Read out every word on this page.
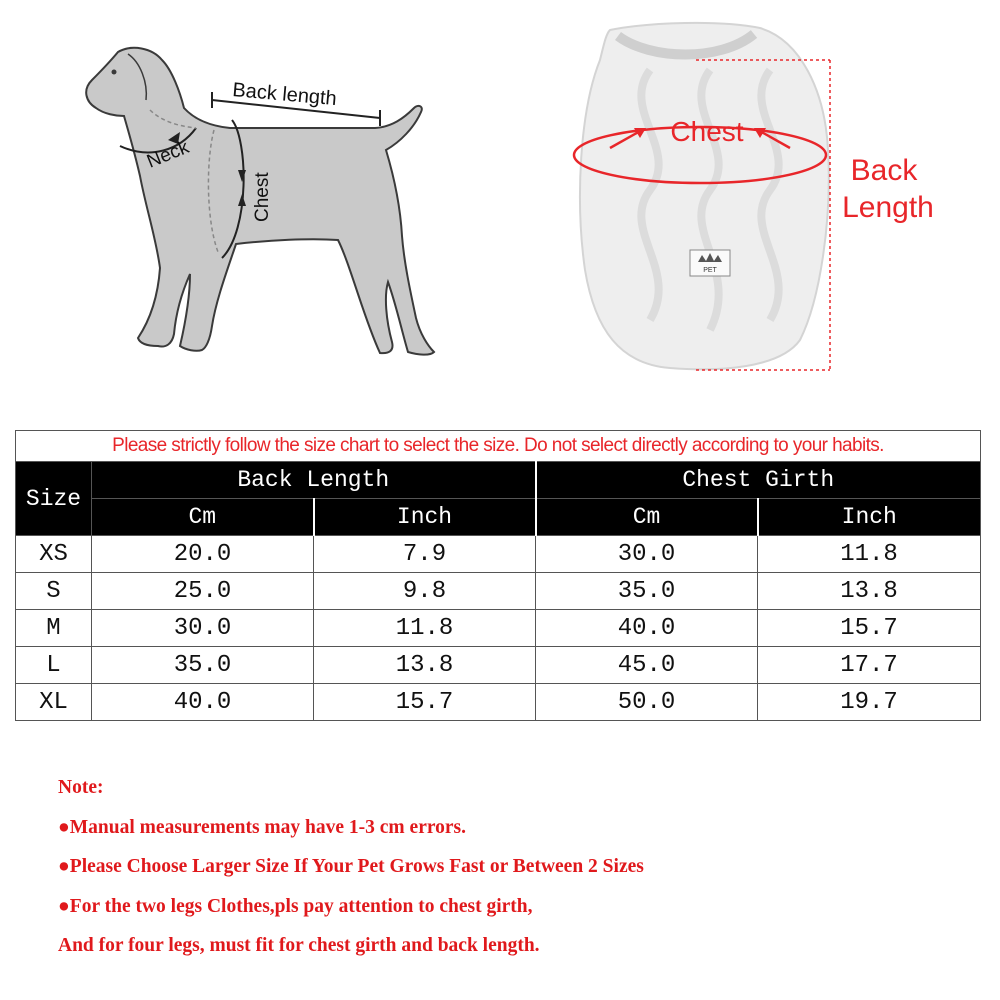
Back length
Neck
Chest
PET
Chest
Back
Length
Please strictly follow the size chart to select the size. Do not select directly according to your habits.				
Size	Back Length		Chest Girth	
	Cm	Inch	Cm	Inch
XS	20.0	7.9	30.0	11.8
S	25.0	9.8	35.0	13.8
M	30.0	11.8	40.0	15.7
L	35.0	13.8	45.0	17.7
XL	40.0	15.7	50.0	19.7
Note:
●Manual measurements may have 1-3 cm errors.
●Please Choose Larger Size If Your Pet Grows Fast or Between 2 Sizes
●For the two legs Clothes,pls pay attention to chest girth,
And for four legs, must fit for chest girth and back length.
